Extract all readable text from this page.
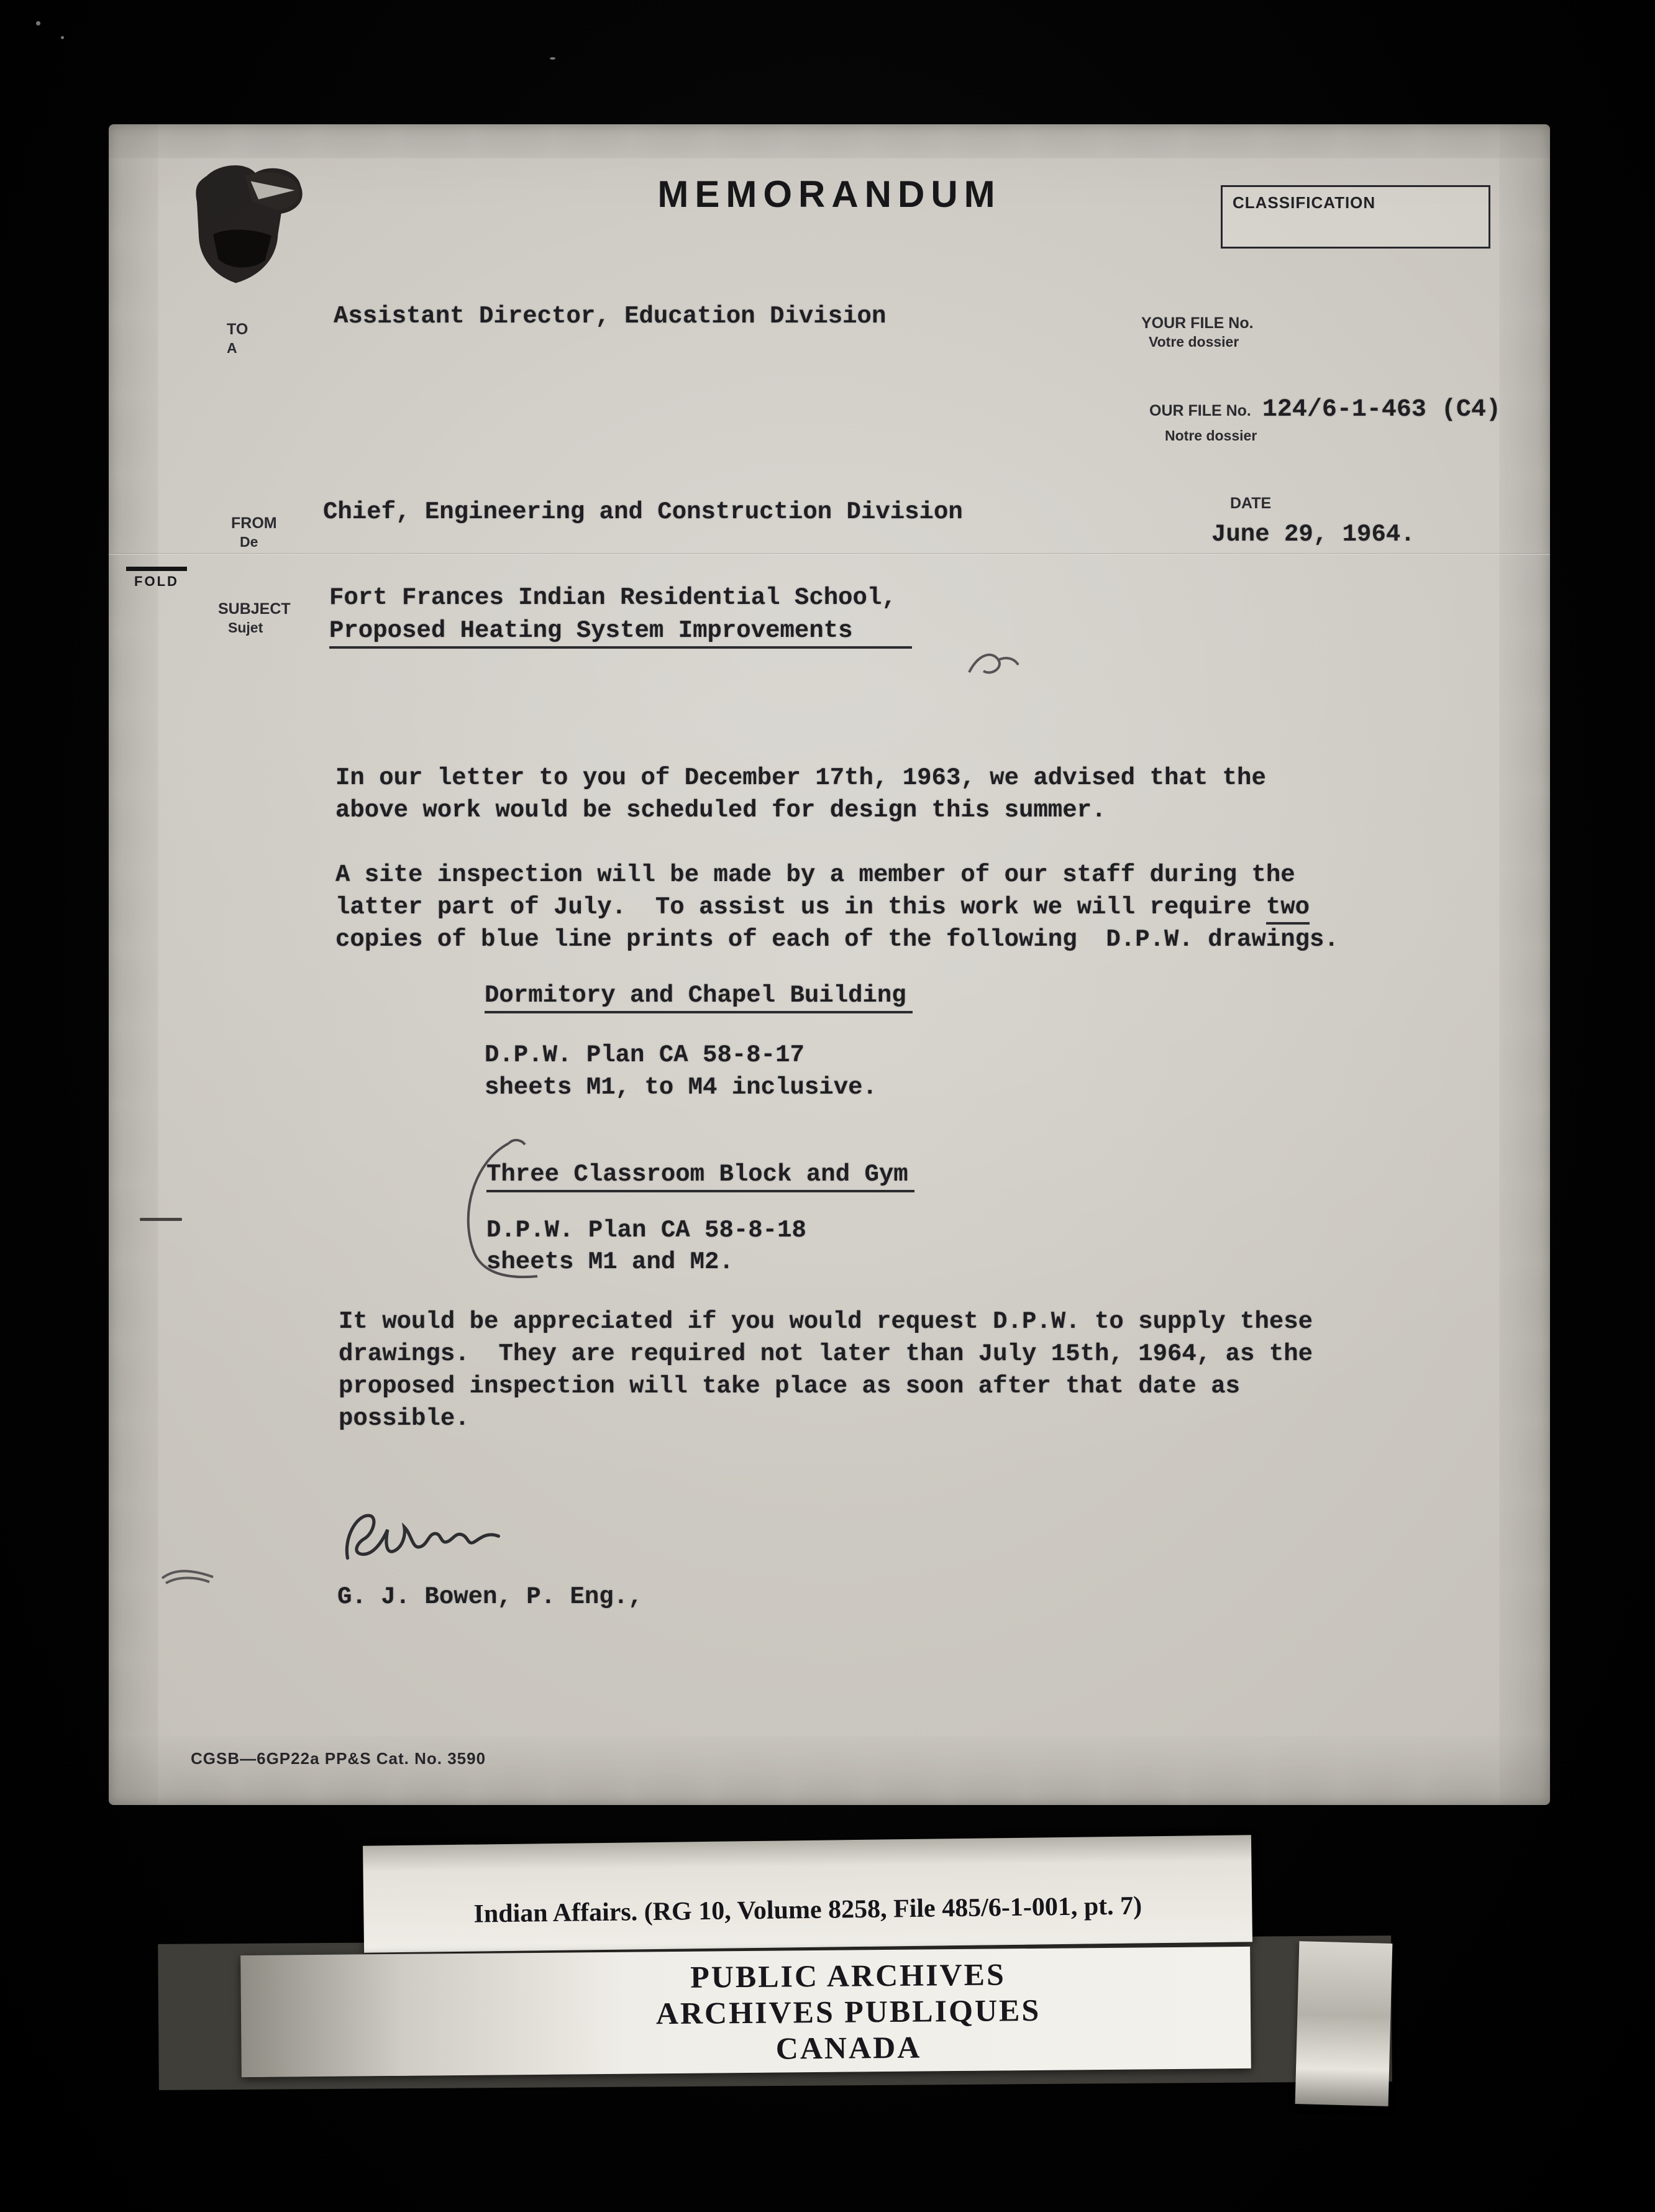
MEMORANDUM	CLASSIFICATION
TO
A
Assistant Director, Education Division	YOUR FILE No.
Votre dossier
OUR FILE No. 124/6-1-463 (C4)
Notre dossier
FROM
De
Chief, Engineering and Construction Division	DATE
June 29, 1964.
FOLD
SUBJECT
Sujet
Fort Frances Indian Residential School,
Proposed Heating System Improvements
In our letter to you of December 17th, 1963, we advised that the
above work would be scheduled for design this summer.
A site inspection will be made by a member of our staff during the
latter part of July.  To assist us in this work we will require two
copies of blue line prints of each of the following  D.P.W. drawings.
Dormitory and Chapel Building
D.P.W. Plan CA 58-8-17
sheets M1, to M4 inclusive.
Three Classroom Block and Gym
D.P.W. Plan CA 58-8-18
sheets M1 and M2.
It would be appreciated if you would request D.P.W. to supply these
drawings.  They are required not later than July 15th, 1964, as the
proposed inspection will take place as soon after that date as
possible.
G. J. Bowen, P. Eng.,
CGSB—6GP22a PP&S Cat. No. 3590
Indian Affairs. (RG 10, Volume 8258, File 485/6-1-001, pt. 7)
PUBLIC ARCHIVES
ARCHIVES PUBLIQUES
CANADA
